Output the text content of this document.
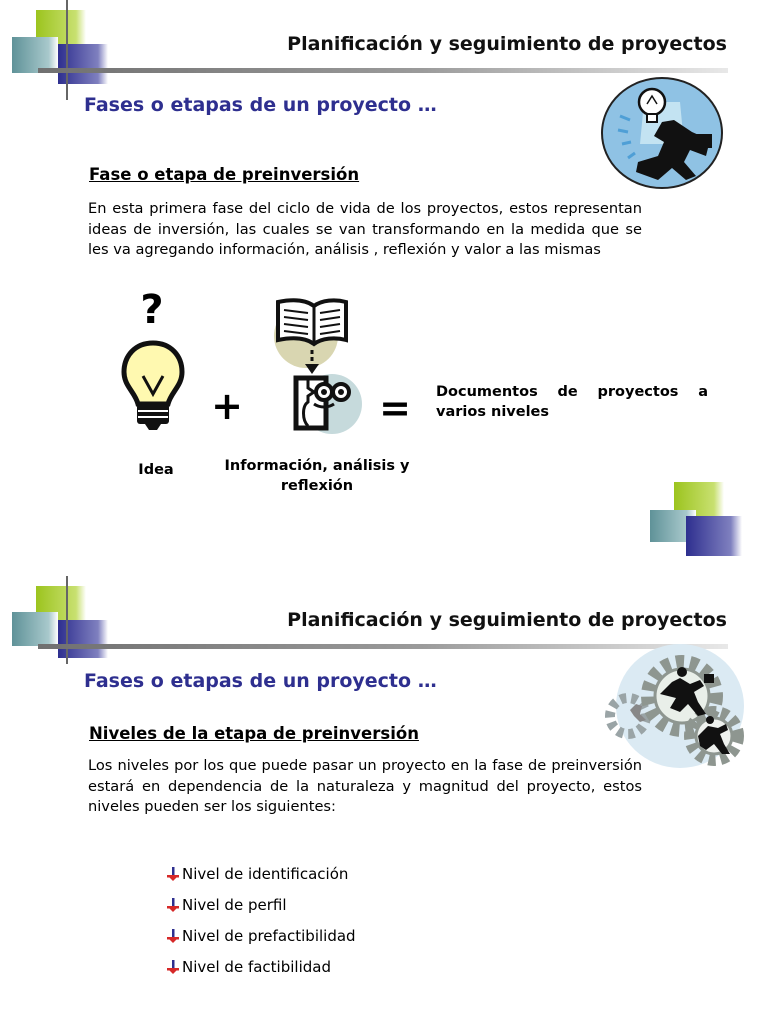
Planificación y seguimiento de proyectos
Fases o etapas de un proyecto …
Fase o etapa de preinversión
En esta primera fase del ciclo de vida de los proyectos, estos representan ideas de inversión, las cuales se van transformando en la medida que se les va agregando información, análisis , reflexión y valor a las mismas
?
+	= Documentos de proyectos a varios niveles
Idea	Información, análisis y reflexión
Planificación y seguimiento de proyectos
Fases o etapas de un proyecto …
Niveles de la etapa de preinversión
Los niveles por los que puede pasar un proyecto en la fase de preinversión estará en dependencia de la naturaleza y magnitud del proyecto, estos niveles pueden ser los siguientes:
Nivel de identificación
Nivel de perfil
Nivel de prefactibilidad
Nivel de factibilidad
